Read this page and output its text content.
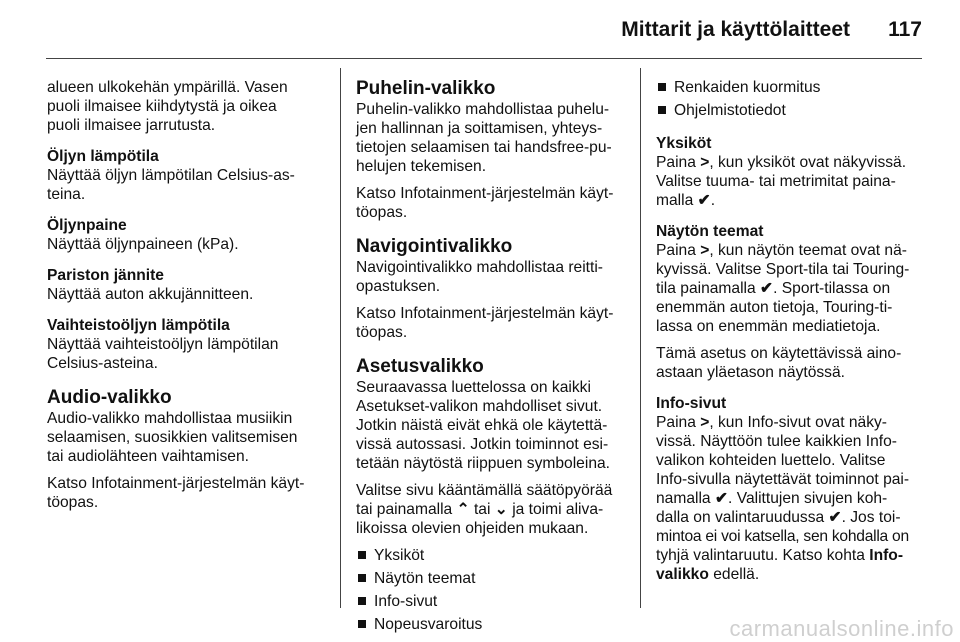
Mittarit ja käyttölaitteet	117

alueen ulkokehän ympärillä. Vasen
puoli ilmaisee kiihdytystä ja oikea
puoli ilmaisee jarrutusta.

Öljyn lämpötila

Näyttää öljyn lämpötilan Celsius-as-
teina.

Öljynpaine

Näyttää öljynpaineen (kPa).

Pariston jännite

Näyttää auton akkujännitteen.

Vaihteistoöljyn lämpötila

Näyttää vaihteistoöljyn lämpötilan
Celsius-asteina.

Audio-valikko

Audio-valikko mahdollistaa musiikin
selaamisen, suosikkien valitsemisen
tai audiolähteen vaihtamisen.

Katso Infotainment-järjestelmän käyt-
töopas.

Puhelin-valikko

Puhelin-valikko mahdollistaa puhelu-
jen hallinnan ja soittamisen, yhteys-
tietojen selaamisen tai handsfree-pu-
helujen tekemisen.

Katso Infotainment-järjestelmän käyt-
töopas.

Navigointivalikko

Navigointivalikko mahdollistaa reitti-
opastuksen.

Katso Infotainment-järjestelmän käyt-
töopas.

Asetusvalikko

Seuraavassa luettelossa on kaikki
Asetukset-valikon mahdolliset sivut.
Jotkin näistä eivät ehkä ole käytettä-
vissä autossasi. Jotkin toiminnot esi-
tetään näytöstä riippuen symboleina.

Valitse sivu kääntämällä säätöpyörää
tai painamalla ⌃ tai ⌄ ja toimi aliva-
likoissa olevien ohjeiden mukaan.

Yksiköt
Näytön teemat
Info-sivut
Nopeusvaroitus
Renkaiden kuormitus
Ohjelmistotiedot
Yksiköt

Paina >, kun yksiköt ovat näkyvissä.
Valitse tuuma- tai metrimitat paina-
malla ✔.

Näytön teemat

Paina >, kun näytön teemat ovat nä-
kyvissä. Valitse Sport-tila tai Touring-
tila painamalla ✔. Sport-tilassa on
enemmän auton tietoja, Touring-ti-
lassa on enemmän mediatietoja.

Tämä asetus on käytettävissä aino-
astaan yläetason näytössä.

Info-sivut

Paina >, kun Info-sivut ovat näky-
vissä. Näyttöön tulee kaikkien Info-
valikon kohteiden luettelo. Valitse
Info-sivulla näytettävät toiminnot pai-
namalla ✔. Valittujen sivujen koh-
dalla on valintaruudussa ✔. Jos toi-
mintoa ei voi katsella, sen kohdalla on
tyhjä valintaruutu. Katso kohta Info-
valikko edellä.

carmanualsonline.info
